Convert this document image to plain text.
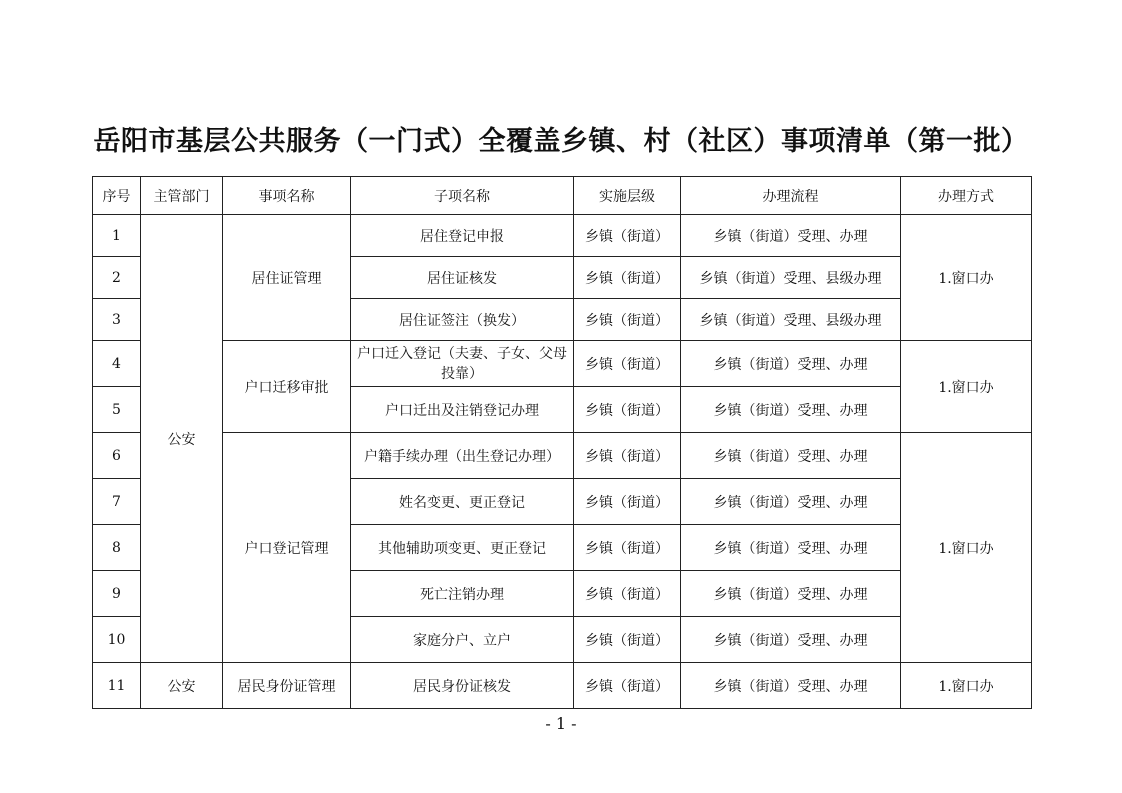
岳阳市基层公共服务（一门式）全覆盖乡镇、村（社区）事项清单（第一批）
序号	主管部门	事项名称	子项名称	实施层级	办理流程	办理方式
1	公安	居住证管理	居住登记申报	乡镇（街道）	乡镇（街道）受理、办理	1.窗口办
2			居住证核发	乡镇（街道）	乡镇（街道）受理、县级办理	
3			居住证签注（换发）	乡镇（街道）	乡镇（街道）受理、县级办理	
4		户口迁移审批	户口迁入登记（夫妻、子女、父母投靠）	乡镇（街道）	乡镇（街道）受理、办理	1.窗口办
5			户口迁出及注销登记办理	乡镇（街道）	乡镇（街道）受理、办理	
6		户口登记管理	户籍手续办理（出生登记办理）	乡镇（街道）	乡镇（街道）受理、办理	1.窗口办
7			姓名变更、更正登记	乡镇（街道）	乡镇（街道）受理、办理	
8			其他辅助项变更、更正登记	乡镇（街道）	乡镇（街道）受理、办理	
9			死亡注销办理	乡镇（街道）	乡镇（街道）受理、办理	
10			家庭分户、立户	乡镇（街道）	乡镇（街道）受理、办理	
11	公安	居民身份证管理	居民身份证核发	乡镇（街道）	乡镇（街道）受理、办理	1.窗口办
- 1 -
